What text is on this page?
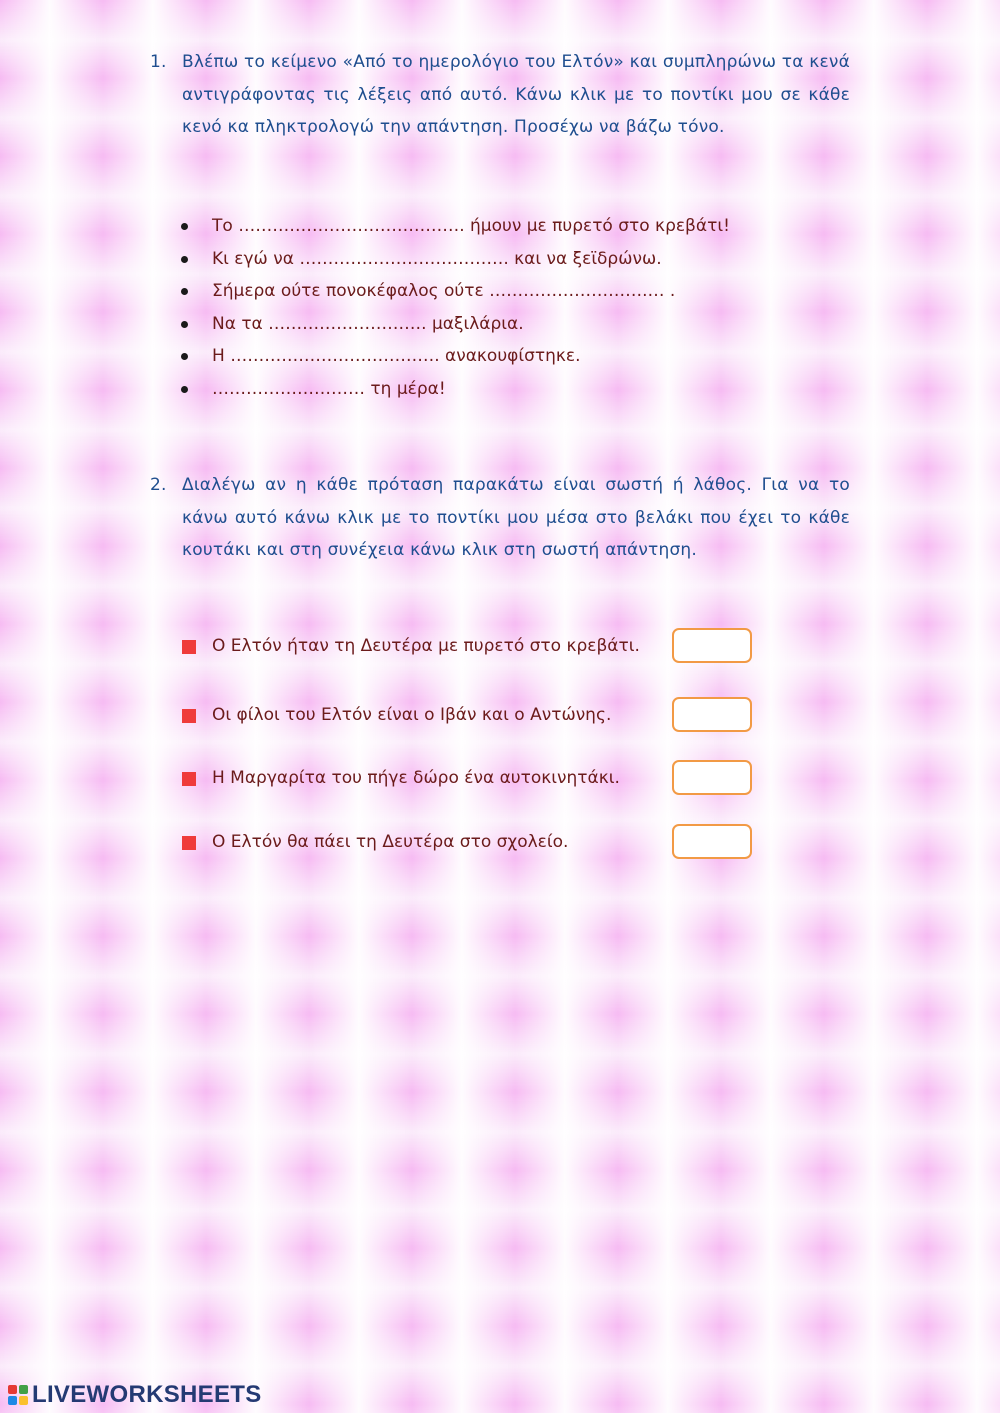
1. Βλέπω το κείμενο «Από το ημερολόγιο του Ελτόν» και συμπληρώνω τα κενά αντιγράφοντας τις λέξεις από αυτό. Κάνω κλικ με το ποντίκι μου σε κάθε κενό κα πληκτρολογώ την απάντηση. Προσέχω να βάζω τόνο.
Το …………………………………. ήμουν με πυρετό στο κρεβάτι!
Κι εγώ να ………………………………. και να ξεϊδρώνω.
Σήμερα ούτε πονοκέφαλος ούτε ……………………….… .
Να τα ………………………. μαξιλάρια.
Η ………………………………. ανακουφίστηκε.
……………………… τη μέρα!
2. Διαλέγω αν η κάθε πρόταση παρακάτω είναι σωστή ή λάθος. Για να το κάνω αυτό κάνω κλικ με το ποντίκι μου μέσα στο βελάκι που έχει το κάθε κουτάκι και στη συνέχεια κάνω κλικ στη σωστή απάντηση.
Ο Ελτόν ήταν τη Δευτέρα με πυρετό στο κρεβάτι.
Οι φίλοι του Ελτόν είναι ο Ιβάν και ο Αντώνης.
Η Μαργαρίτα του πήγε δώρο ένα αυτοκινητάκι.
Ο Ελτόν θα πάει τη Δευτέρα στο σχολείο.
LIVEWORKSHEETS
